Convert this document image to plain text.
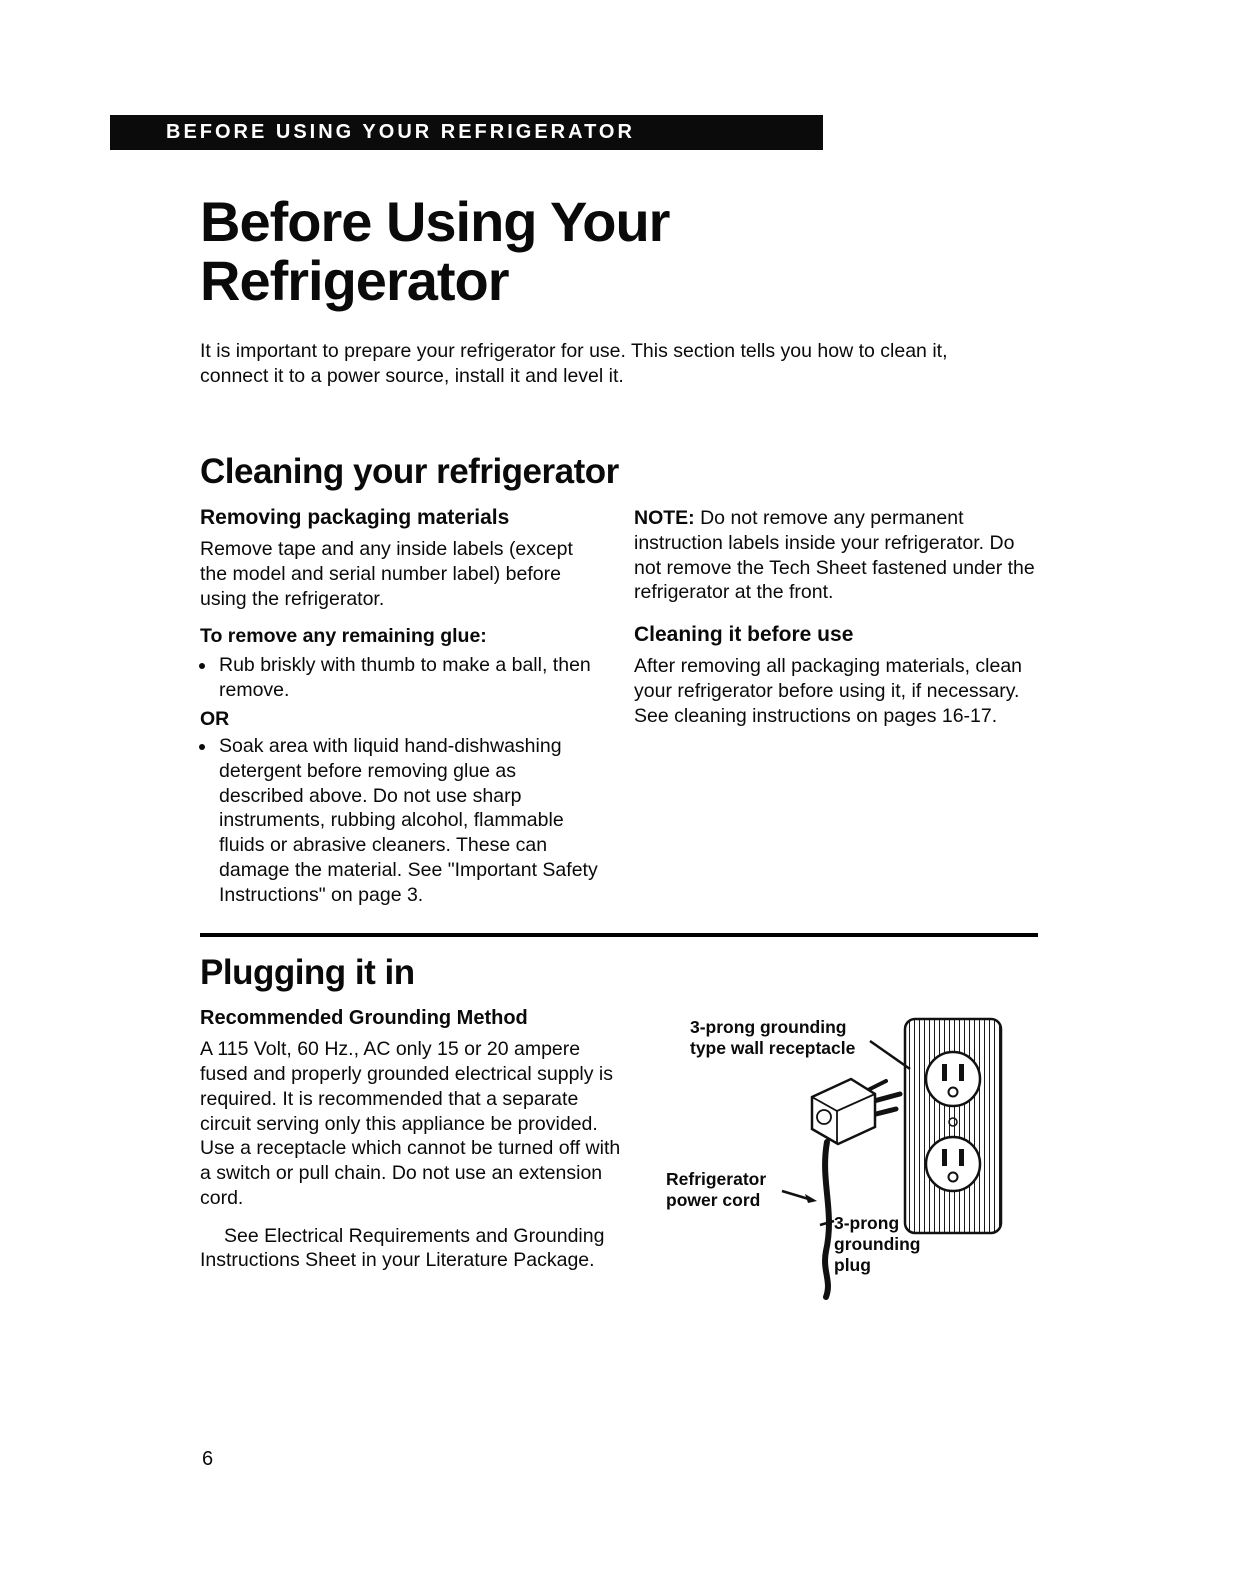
BEFORE USING YOUR REFRIGERATOR
Before Using Your Refrigerator

It is important to prepare your refrigerator for use. This section tells you how to clean it, connect it to a power source, install it and level it.

Cleaning your refrigerator
Removing packaging materials

Remove tape and any inside labels (except the model and serial number label) before using the refrigerator.

To remove any remaining glue:

• Rub briskly with thumb to make a ball, then remove.

OR

• Soak area with liquid hand-dishwashing detergent before removing glue as described above. Do not use sharp instruments, rubbing alcohol, flammable fluids or abrasive cleaners. These can damage the material. See "Important Safety Instructions" on page 3.

NOTE: Do not remove any permanent instruction labels inside your refrigerator. Do not remove the Tech Sheet fastened under the refrigerator at the front.

Cleaning it before use

After removing all packaging materials, clean your refrigerator before using it, if necessary. See cleaning instructions on pages 16-17.

Plugging it in
Recommended Grounding Method

A 115 Volt, 60 Hz., AC only 15 or 20 ampere fused and properly grounded electrical supply is required. It is recommended that a separate circuit serving only this appliance be provided. Use a receptacle which cannot be turned off with a switch or pull chain. Do not use an extension cord.

See Electrical Requirements and Grounding Instructions Sheet in your Literature Package.

3-prong grounding type wall receptacle
Refrigerator power cord
3-prong grounding plug
6
